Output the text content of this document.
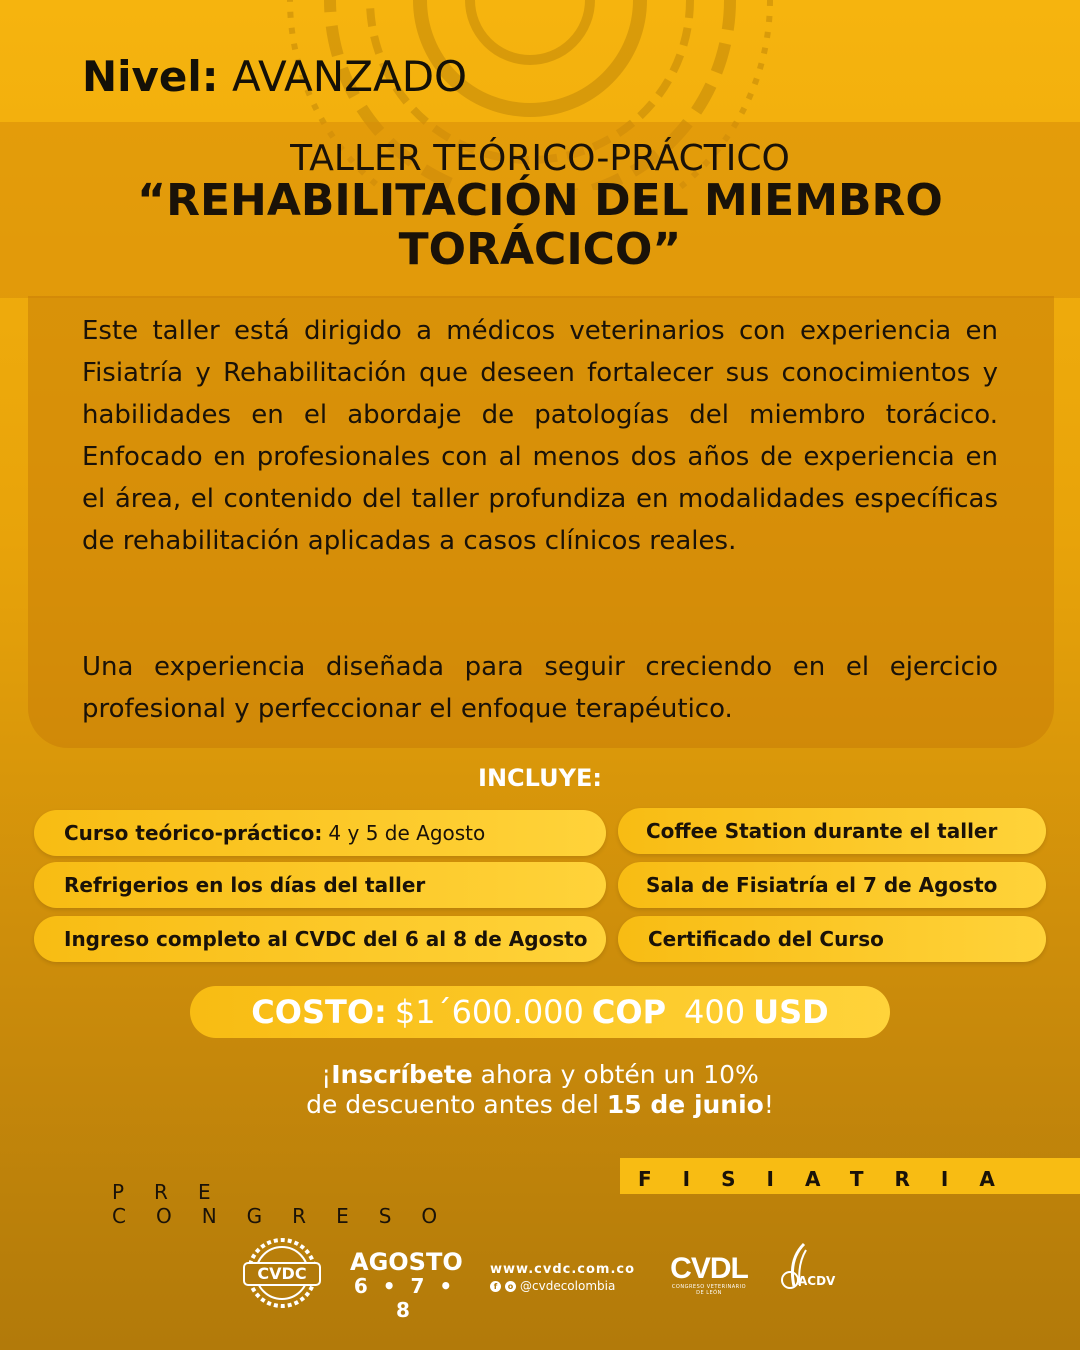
Nivel: AVANZADO
TALLER TEÓRICO-PRÁCTICO
“REHABILITACIÓN DEL MIEMBRO TORÁCICO”
Este taller está dirigido a médicos veterinarios con experiencia en Fisiatría y Rehabilitación que deseen fortalecer sus conocimientos y habilidades en el abordaje de patologías del miembro torácico. Enfocado en profesionales con al menos dos años de experiencia en el área, el contenido del taller profundiza en modalidades específicas de rehabilitación aplicadas a casos clínicos reales.
Una experiencia diseñada para seguir creciendo en el ejercicio profesional y perfeccionar el enfoque terapéutico.
INCLUYE:
Curso teórico-práctico: 4 y 5 de Agosto
Refrigerios en los días del taller
Ingreso completo al CVDC del 6 al 8 de Agosto
Coffee Station durante el taller
Sala de Fisiatría el 7 de Agosto
Certificado del Curso
COSTO: $1´600.000 COP 400 USD
¡Inscríbete ahora y obtén un 10%
de descuento antes del 15 de junio!
PRE CONGRESO
FISIATRIA
CVDC	AGOSTO
6 • 7 • 8
www.cvdc.com.co
f	o @cvdecolombia
CVDL
CONGRESO VETERINARIO DE LEÓN
ACDV
